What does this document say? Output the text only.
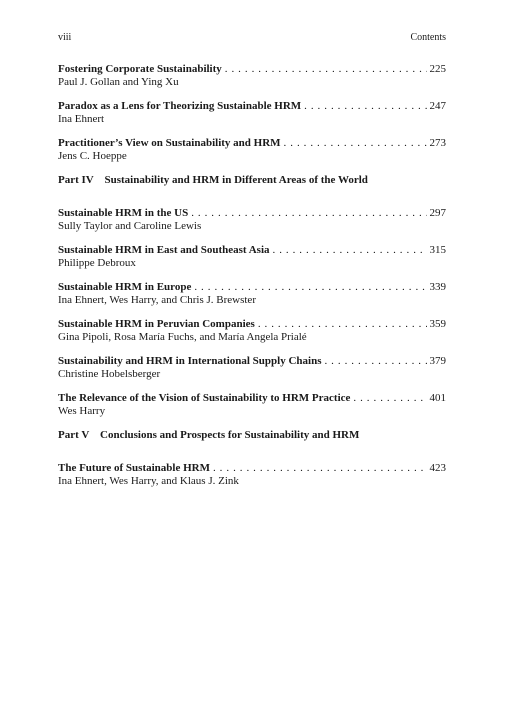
viii	Contents
Fostering Corporate Sustainability . . .	225
Paul J. Gollan and Ying Xu
Paradox as a Lens for Theorizing Sustainable HRM . . .	247
Ina Ehnert
Practitioner’s View on Sustainability and HRM . . .	273
Jens C. Hoeppe
Part IV Sustainability and HRM in Different Areas of the World
Sustainable HRM in the US . . .	297
Sully Taylor and Caroline Lewis
Sustainable HRM in East and Southeast Asia . . .	315
Philippe Debroux
Sustainable HRM in Europe . . .	339
Ina Ehnert, Wes Harry, and Chris J. Brewster
Sustainable HRM in Peruvian Companies . . .	359
Gina Pipoli, Rosa María Fuchs, and María Angela Prialé
Sustainability and HRM in International Supply Chains . . .	379
Christine Hobelsberger
The Relevance of the Vision of Sustainability to HRM Practice . . .	401
Wes Harry
Part V Conclusions and Prospects for Sustainability and HRM
The Future of Sustainable HRM . . .	423
Ina Ehnert, Wes Harry, and Klaus J. Zink
